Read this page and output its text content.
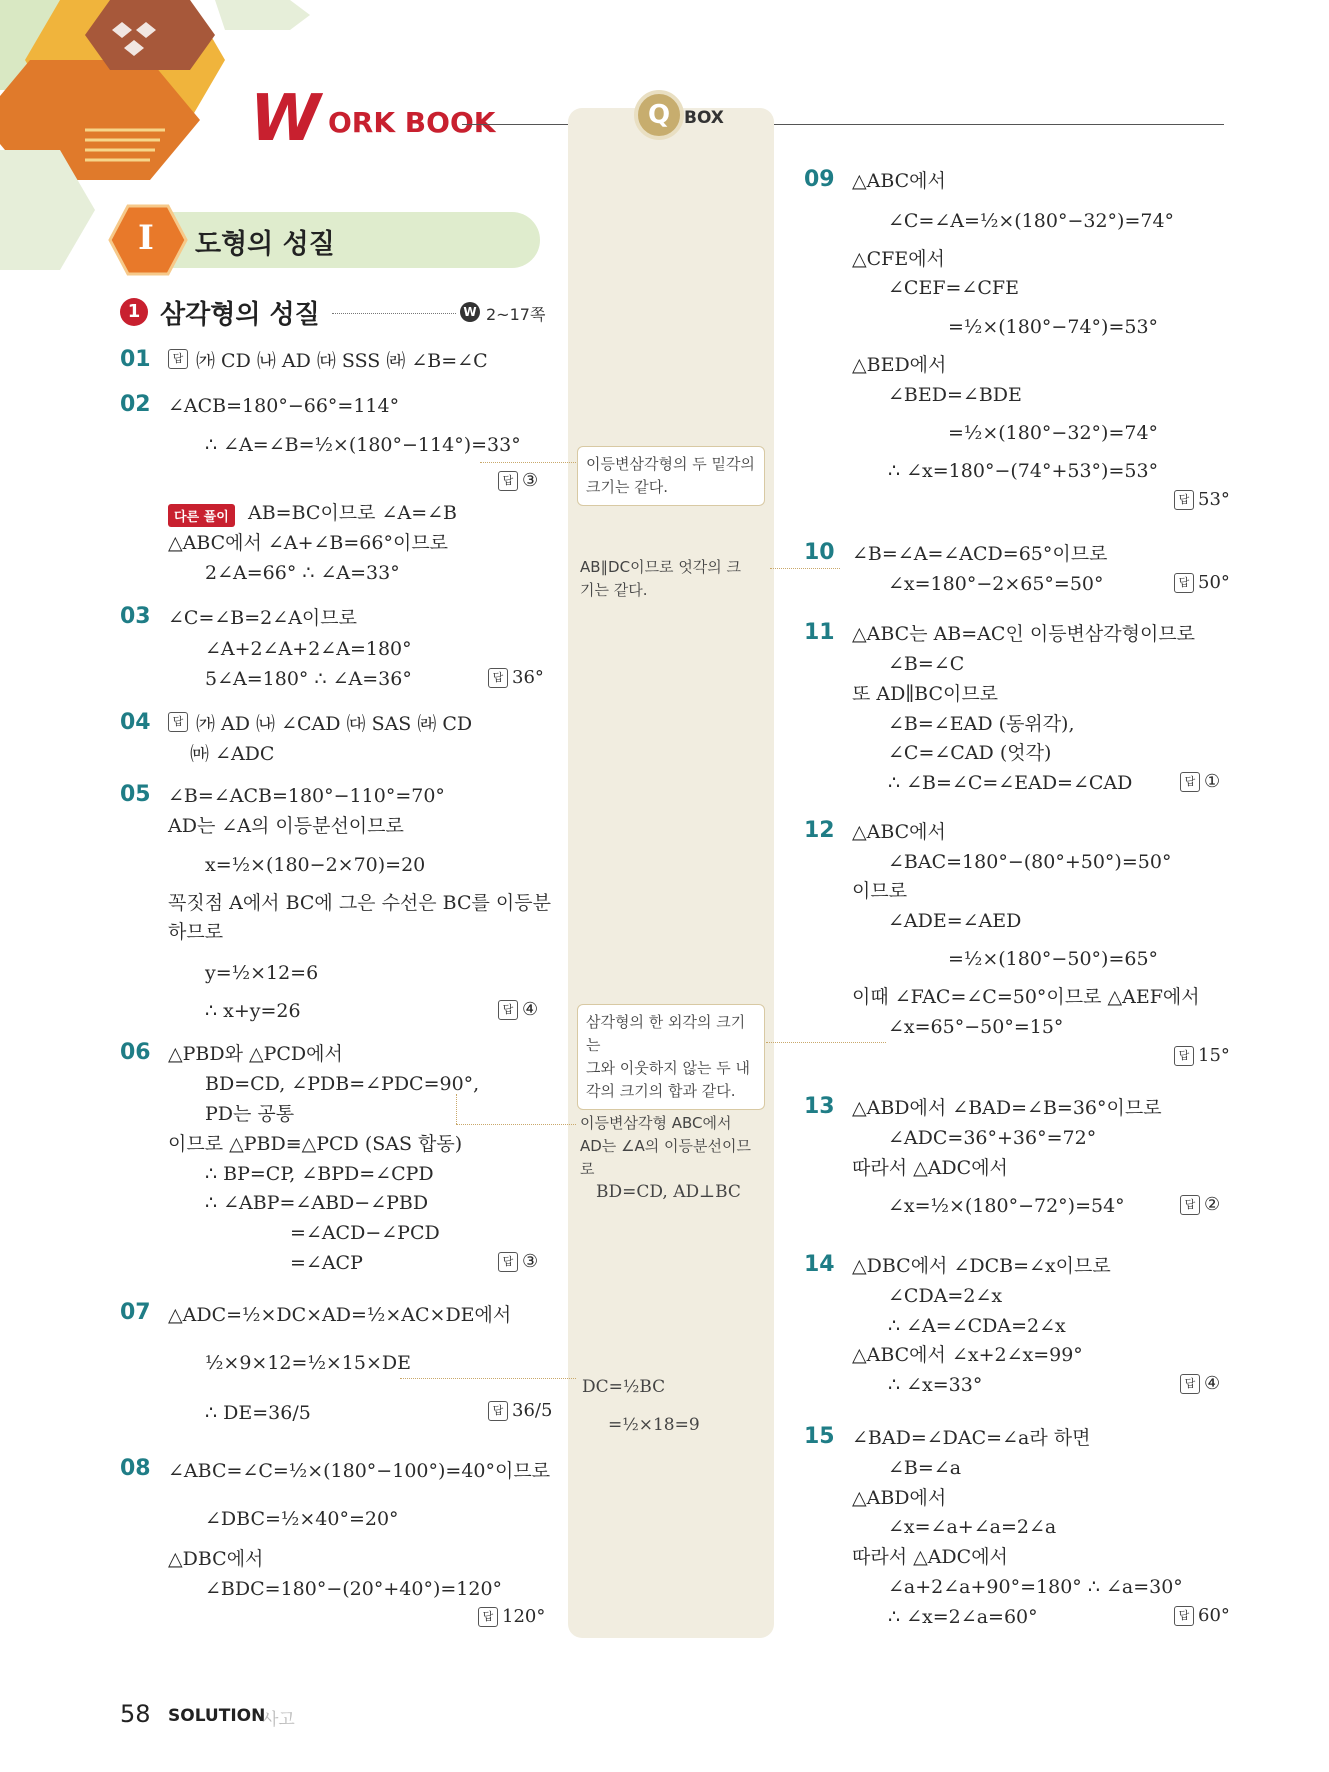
W ORK BOOK	Q BOX
I 도형의 성질
1 삼각형의 성질	W 2~17쪽
01	답 ㈎ CD ㈏ AD ㈐ SSS ㈑ ∠B=∠C
02 ∠ACB=180°−66°=114°
∴ ∠A=∠B=½×(180°−114°)=33°
답 ③
다른 풀이	AB=BC이므로 ∠A=∠B
△ABC에서 ∠A+∠B=66°이므로
2∠A=66° ∴ ∠A=33°
03 ∠C=∠B=2∠A이므로
∠A+2∠A+2∠A=180°
5∠A=180° ∴ ∠A=36°	답 36°
04	답 ㈎ AD ㈏ ∠CAD ㈐ SAS ㈑ CD
㈒ ∠ADC
05 ∠B=∠ACB=180°−110°=70°
AD는 ∠A의 이등분선이므로
x=½×(180−2×70)=20
꼭짓점 A에서 BC에 그은 수선은 BC를 이등분
하므로
y=½×12=6
∴ x+y=26	답 ④
06 △PBD와 △PCD에서
BD=CD, ∠PDB=∠PDC=90°,
PD는 공통
이므로 △PBD≡△PCD (SAS 합동)
∴ BP=CP, ∠BPD=∠CPD
∴ ∠ABP=∠ABD−∠PBD
=∠ACD−∠PCD
=∠ACP	답 ③
07 △ADC=½×DC×AD=½×AC×DE에서
½×9×12=½×15×DE
∴ DE=36/5	답 36/5
08 ∠ABC=∠C=½×(180°−100°)=40°이므로
∠DBC=½×40°=20°
△DBC에서
∠BDC=180°−(20°+40°)=120°
답 120°
이등변삼각형의 두 밑각의
크기는 같다.
AB∥DC이므로 엇각의 크
기는 같다.
삼각형의 한 외각의 크기는
그와 이웃하지 않는 두 내
각의 크기의 합과 같다.
이등변삼각형 ABC에서
AD는 ∠A의 이등분선이므
로
BD=CD, AD⊥BC
DC=½BC
=½×18=9
09 △ABC에서
∠C=∠A=½×(180°−32°)=74°
△CFE에서
∠CEF=∠CFE
=½×(180°−74°)=53°
△BED에서
∠BED=∠BDE
=½×(180°−32°)=74°
∴ ∠x=180°−(74°+53°)=53°
답 53°
10 ∠B=∠A=∠ACD=65°이므로
∠x=180°−2×65°=50°	답 50°
11 △ABC는 AB=AC인 이등변삼각형이므로
∠B=∠C
또 AD∥BC이므로
∠B=∠EAD (동위각),
∠C=∠CAD (엇각)
∴ ∠B=∠C=∠EAD=∠CAD	답 ①
12 △ABC에서
∠BAC=180°−(80°+50°)=50°
이므로
∠ADE=∠AED
=½×(180°−50°)=65°
이때 ∠FAC=∠C=50°이므로 △AEF에서
∠x=65°−50°=15°
답 15°
13 △ABD에서 ∠BAD=∠B=36°이므로
∠ADC=36°+36°=72°
따라서 △ADC에서
∠x=½×(180°−72°)=54°	답 ②
14 △DBC에서 ∠DCB=∠x이므로
∠CDA=2∠x
∴ ∠A=∠CDA=2∠x
△ABC에서 ∠x+2∠x=99°
∴ ∠x=33°	답 ④
15 ∠BAD=∠DAC=∠a라 하면
∠B=∠a
△ABD에서
∠x=∠a+∠a=2∠a
따라서 △ADC에서
∠a+2∠a+90°=180° ∴ ∠a=30°
∴ ∠x=2∠a=60°	답 60°
58 SOLUTION
사고
